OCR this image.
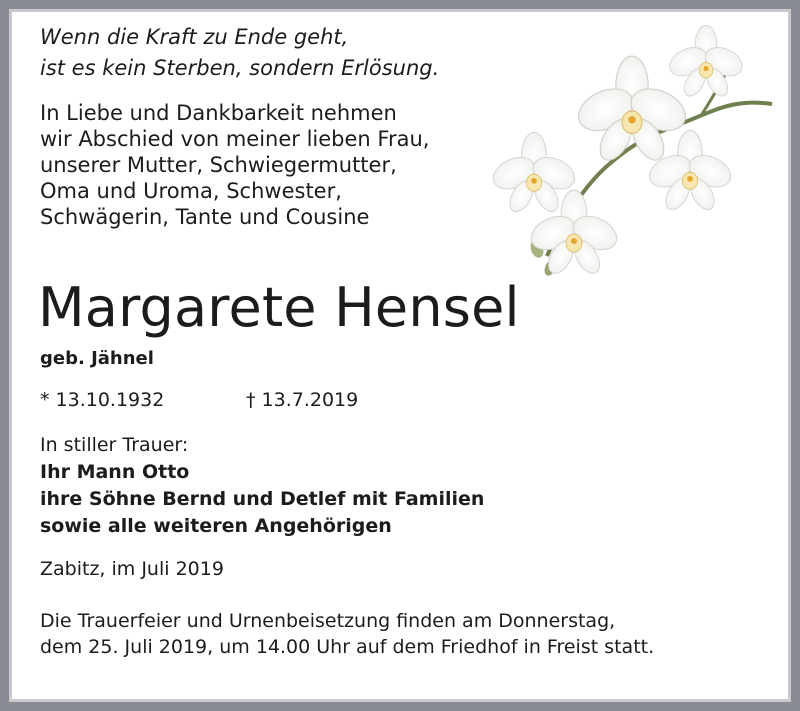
Wenn die Kraft zu Ende geht,
ist es kein Sterben, sondern Erlösung.
In Liebe und Dankbarkeit nehmen
wir Abschied von meiner lieben Frau,
unserer Mutter, Schwiegermutter,
Oma und Uroma, Schwester,
Schwägerin, Tante und Cousine
Margarete Hensel
geb. Jähnel
* 13.10.1932	† 13.7.2019
In stiller Trauer:
Ihr Mann Otto
ihre Söhne Bernd und Detlef mit Familien
sowie alle weiteren Angehörigen
Zabitz, im Juli 2019
Die Trauerfeier und Urnenbeisetzung finden am Donnerstag,
dem 25. Juli 2019, um 14.00 Uhr auf dem Friedhof in Freist statt.
